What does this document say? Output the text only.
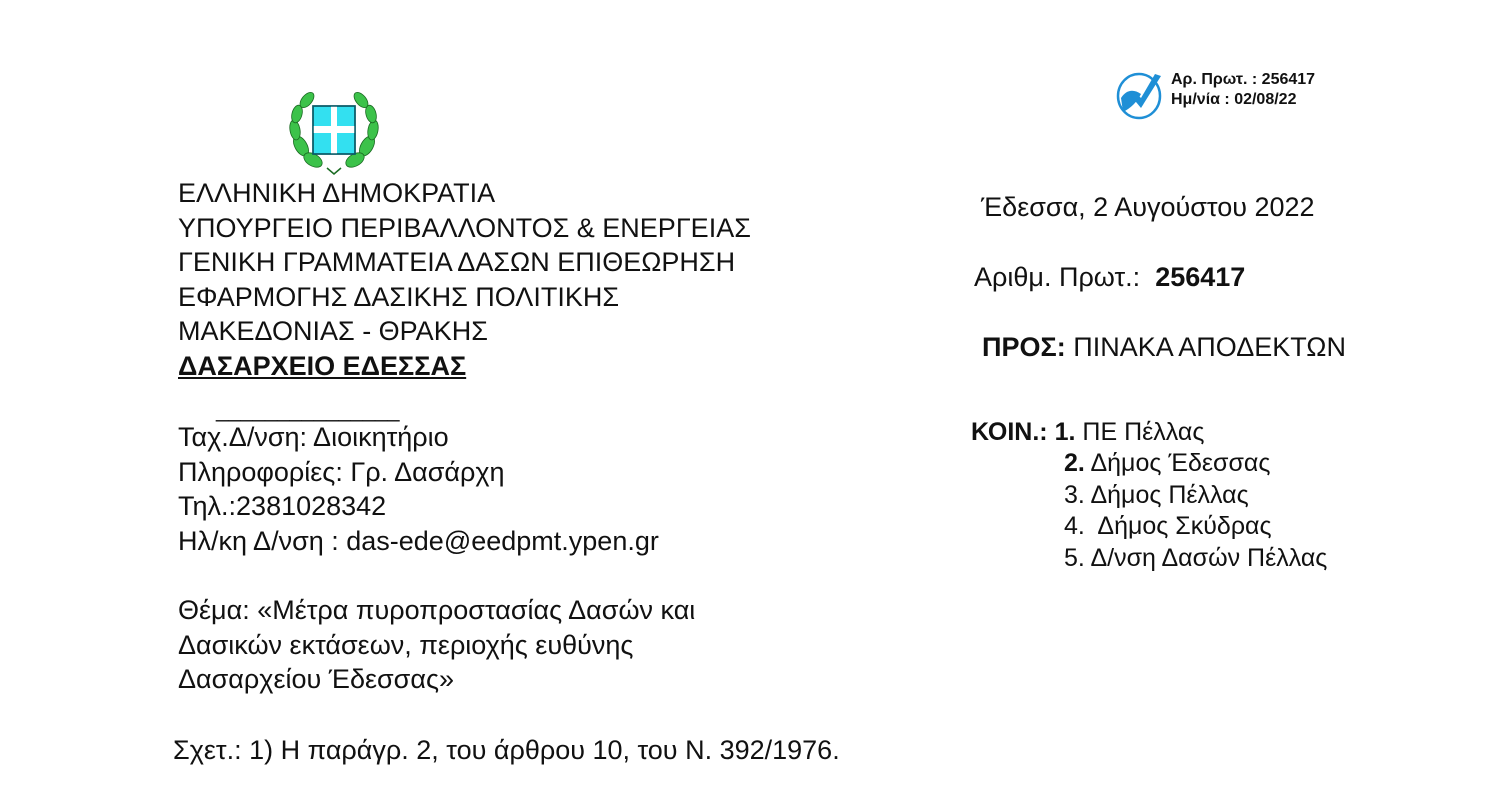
Αρ. Πρωτ. : 256417
Ημ/νία : 02/08/22
ΕΛΛΗΝΙΚΗ ΔΗΜΟΚΡΑΤΙΑ
ΥΠΟΥΡΓΕΙΟ ΠΕΡΙΒΑΛΛΟΝΤΟΣ & ΕΝΕΡΓΕΙΑΣ
ΓΕΝΙΚΗ ΓΡΑΜΜΑΤΕΙΑ ΔΑΣΩΝ ΕΠΙΘΕΩΡΗΣΗ
ΕΦΑΡΜΟΓΗΣ ΔΑΣΙΚΗΣ ΠΟΛΙΤΙΚΗΣ
ΜΑΚΕΔΟΝΙΑΣ - ΘΡΑΚΗΣ
ΔΑΣΑΡΧΕΙΟ ΕΔΕΣΣΑΣ
_______________
Ταχ.Δ/νση: Διοικητήριο
Πληροφορίες: Γρ. Δασάρχη
Τηλ.:2381028342
Ηλ/κη Δ/νση : das-ede@eedpmt.ypen.gr
Θέμα: «Μέτρα πυροπροστασίας Δασών και
Δασικών εκτάσεων, περιοχής ευθύνης
Δασαρχείου Έδεσσας»
Σχετ.: 1) Η παράγρ. 2, του άρθρου 10, του Ν. 392/1976.
Έδεσσα, 2 Αυγούστου 2022
Αριθμ. Πρωτ.: 256417
ΠΡΟΣ: ΠΙΝΑΚΑ ΑΠΟΔΕΚΤΩΝ
ΚΟΙΝ.: 1. ΠΕ Πέλλας
2. Δήμος Έδεσσας
3. Δήμος Πέλλας
4. Δήμος Σκύδρας
5. Δ/νση Δασών Πέλλας
